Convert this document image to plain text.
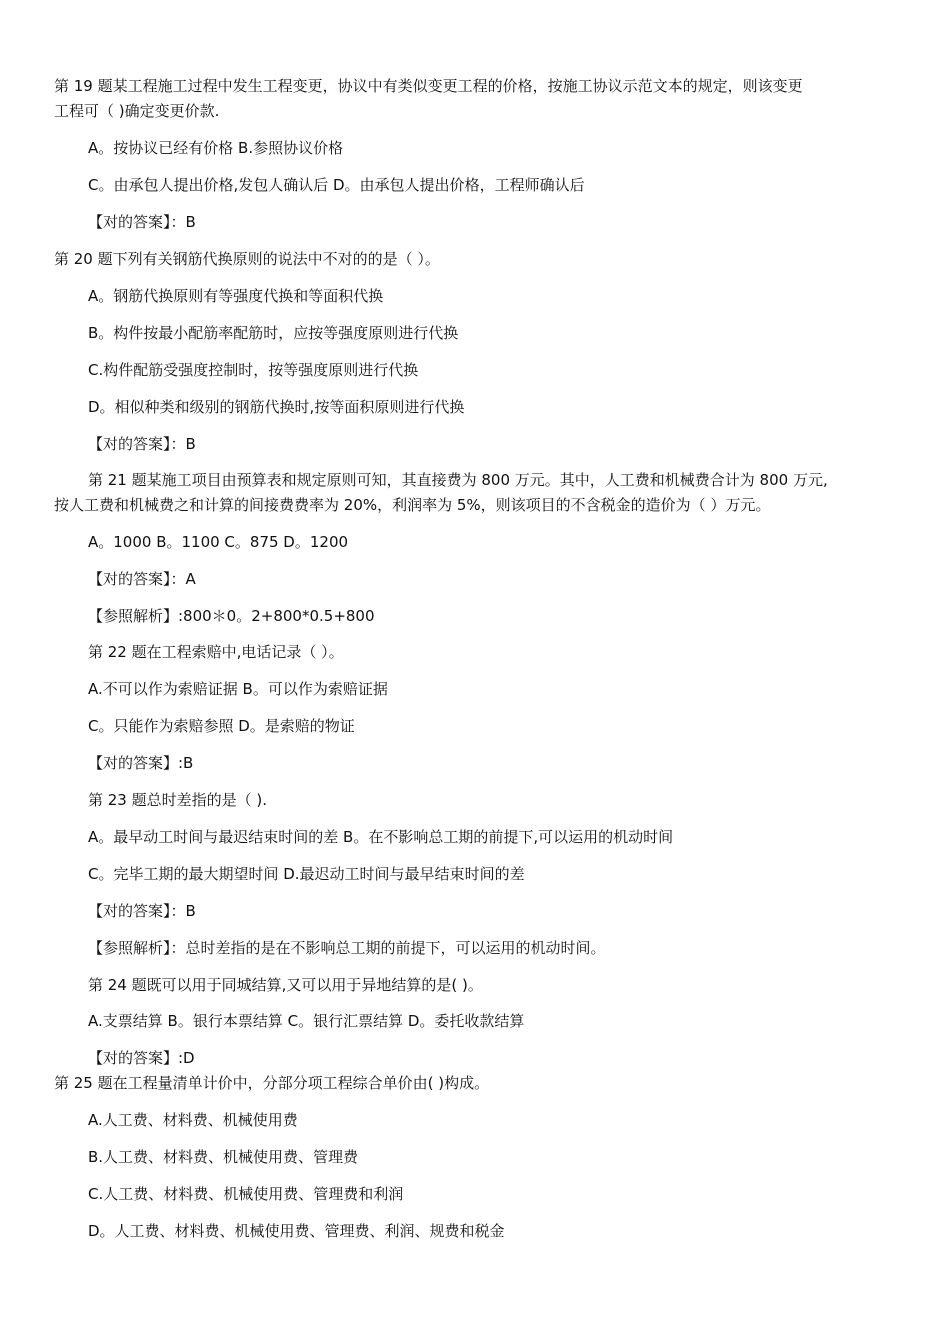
第 19 题某工程施工过程中发生工程变更，协议中有类似变更工程的价格，按施工协议示范文本的规定，则该变更
工程可（ )确定变更价款.
A。按协议已经有价格 B.参照协议价格
C。由承包人提出价格,发包人确认后 D。由承包人提出价格，工程师确认后
【对的答案】：B
第 20 题下列有关钢筋代换原则的说法中不对的的是（ ）。
A。钢筋代换原则有等强度代换和等面积代换
B。构件按最小配筋率配筋时，应按等强度原则进行代换
C.构件配筋受强度控制时，按等强度原则进行代换
D。相似种类和级别的钢筋代换时,按等面积原则进行代换
【对的答案】：B
第 21 题某施工项目由预算表和规定原则可知，其直接费为 800 万元。其中，人工费和机械费合计为 800 万元,
按人工费和机械费之和计算的间接费费率为 20%，利润率为 5%，则该项目的不含税金的造价为（ ）万元。
A。1000 B。1100 C。875 D。1200
【对的答案】：A
【参照解析】:800＊0。2+800*0.5+800
第 22 题在工程索赔中,电话记录（ ）。
A.不可以作为索赔证据 B。可以作为索赔证据
C。只能作为索赔参照 D。是索赔的物证
【对的答案】:B
第 23 题总时差指的是（ ).
A。最早动工时间与最迟结束时间的差 B。在不影响总工期的前提下,可以运用的机动时间
C。完毕工期的最大期望时间 D.最迟动工时间与最早结束时间的差
【对的答案】：B
【参照解析】：总时差指的是在不影响总工期的前提下，可以运用的机动时间。
第 24 题既可以用于同城结算,又可以用于异地结算的是( )。
A.支票结算 B。银行本票结算 C。银行汇票结算 D。委托收款结算
【对的答案】:D
第 25 题在工程量清单计价中，分部分项工程综合单价由( )构成。
A.人工费、材料费、机械使用费
B.人工费、材料费、机械使用费、管理费
C.人工费、材料费、机械使用费、管理费和利润
D。人工费、材料费、机械使用费、管理费、利润、规费和税金
